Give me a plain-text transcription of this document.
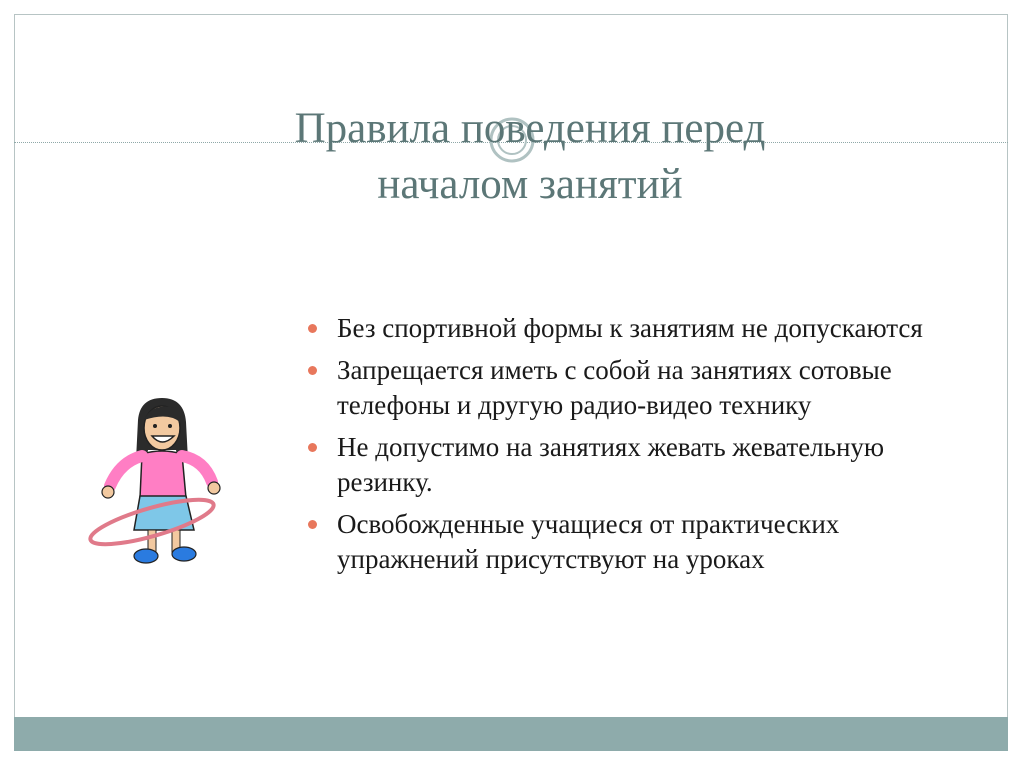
Правила поведения перед
началом занятий
Без спортивной формы к занятиям не допускаются
Запрещается иметь с собой на занятиях сотовые телефоны и другую радио-видео технику
Не допустимо на занятиях жевать жевательную резинку.
Освобожденные учащиеся от практических упражнений присутствуют на уроках
